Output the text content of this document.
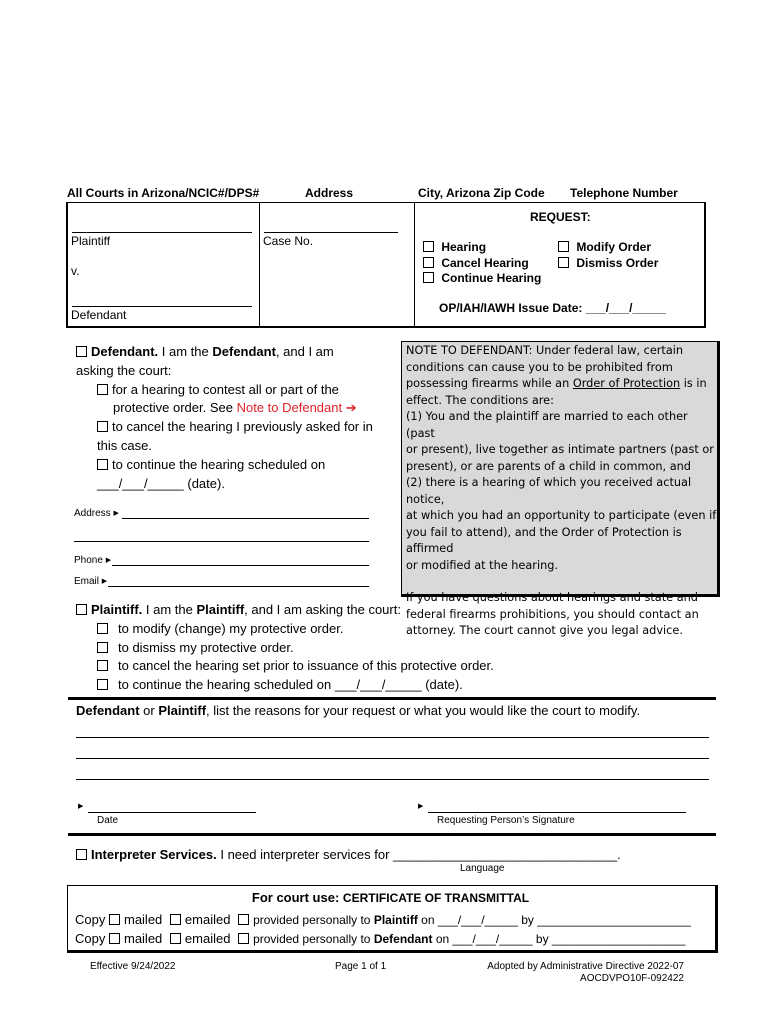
All Courts in Arizona/NCIC#/DPS#	Address	City, Arizona Zip Code Telephone Number
Plaintiff
v.
Defendant
Case No.
REQUEST:
Hearing
Cancel Hearing
Continue Hearing
Modify Order
Dismiss Order
OP/IAH/IAWH Issue Date: ___/___/_____
Defendant. I am the Defendant, and I am
asking the court:
for a hearing to contest all or part of the
protective order. See Note to Defendant ➔
to cancel the hearing I previously asked for in
this case.
to continue the hearing scheduled on
___/___/_____ (date).
Address ▶
Phone ▶
Email ▶
NOTE TO DEFENDANT: Under federal law, certain
conditions can cause you to be prohibited from
possessing firearms while an Order of Protection is in
effect. The conditions are:
(1) You and the plaintiff are married to each other (past
or present), live together as intimate partners (past or
present), or are parents of a child in common, and
(2) there is a hearing of which you received actual notice,
at which you had an opportunity to participate (even if
you fail to attend), and the Order of Protection is affirmed
or modified at the hearing.
If you have questions about hearings and state and
federal firearms prohibitions, you should contact an
attorney. The court cannot give you legal advice.
Plaintiff. I am the Plaintiff, and I am asking the court:
to modify (change) my protective order.
to dismiss my protective order.
to cancel the hearing set prior to issuance of this protective order.
to continue the hearing scheduled on ___/___/_____ (date).
Defendant or Plaintiff, list the reasons for your request or what you would like the court to modify.
▶
Date
▶
Requesting Person’s Signature
Interpreter Services. I need interpreter services for _______________________________.
Language
For court use: CERTIFICATE OF TRANSMITTAL
Copy mailed emailed provided personally to Plaintiff on ___/___/_____ by _______________________
Copy mailed emailed provided personally to Defendant on ___/___/_____ by ____________________
Effective 9/24/2022	Page 1 of 1	Adopted by Administrative Directive 2022-07
AOCDVPO10F-092422
